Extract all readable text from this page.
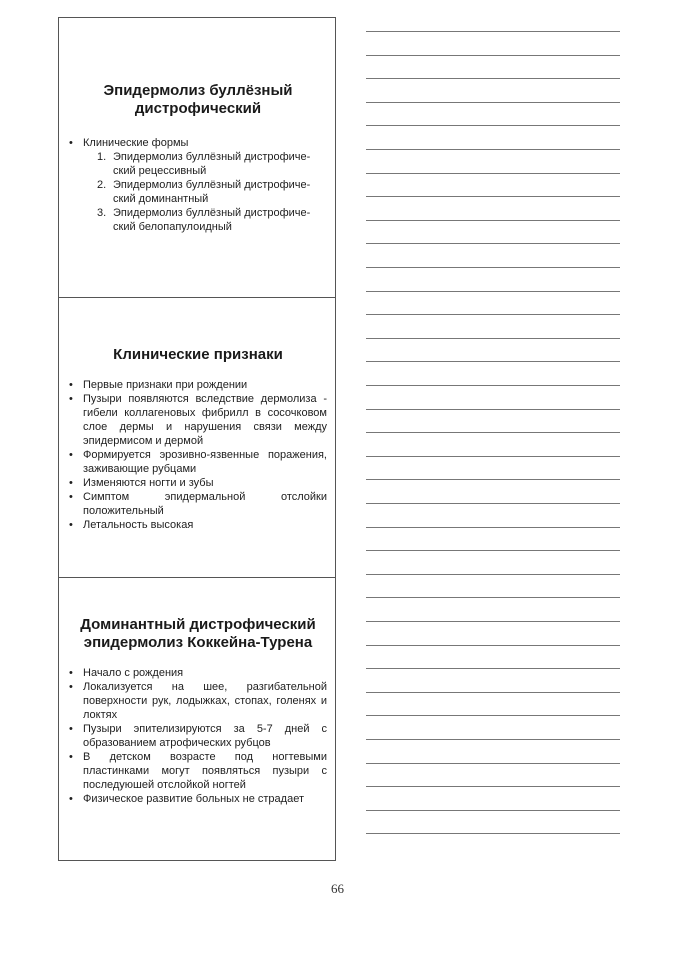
Эпидермолиз буллёзный
дистрофический
• Клинические формы
1. Эпидермолиз буллёзный дистрофиче-
ский рецессивный
2. Эпидермолиз буллёзный дистрофиче-
ский доминантный
3. Эпидермолиз буллёзный дистрофиче-
ский белопапулоидный
Клинические признаки
• Первые признаки при рождении
• Пузыри появляются вследствие дермолиза - гибели коллагеновых фибрилл в сосочковом слое дермы и нарушения связи между эпидермисом и дермой
• Формируется эрозивно-язвенные поражения, заживающие рубцами
• Изменяются ногти и зубы
• Симптом эпидермальной отслойки положительный
• Летальность высокая
Доминантный дистрофический
эпидермолиз Коккейна-Турена
• Начало с рождения
• Локализуется на шее, разгибательной поверхности рук, лодыжках, стопах, голенях и локтях
• Пузыри эпителизируются за 5-7 дней с образованием атрофических рубцов
• В детском возрасте под ногтевыми пластинками могут появляться пузыри с последуюшей отслойкой ногтей
• Физическое развитие больных не страдает
66
